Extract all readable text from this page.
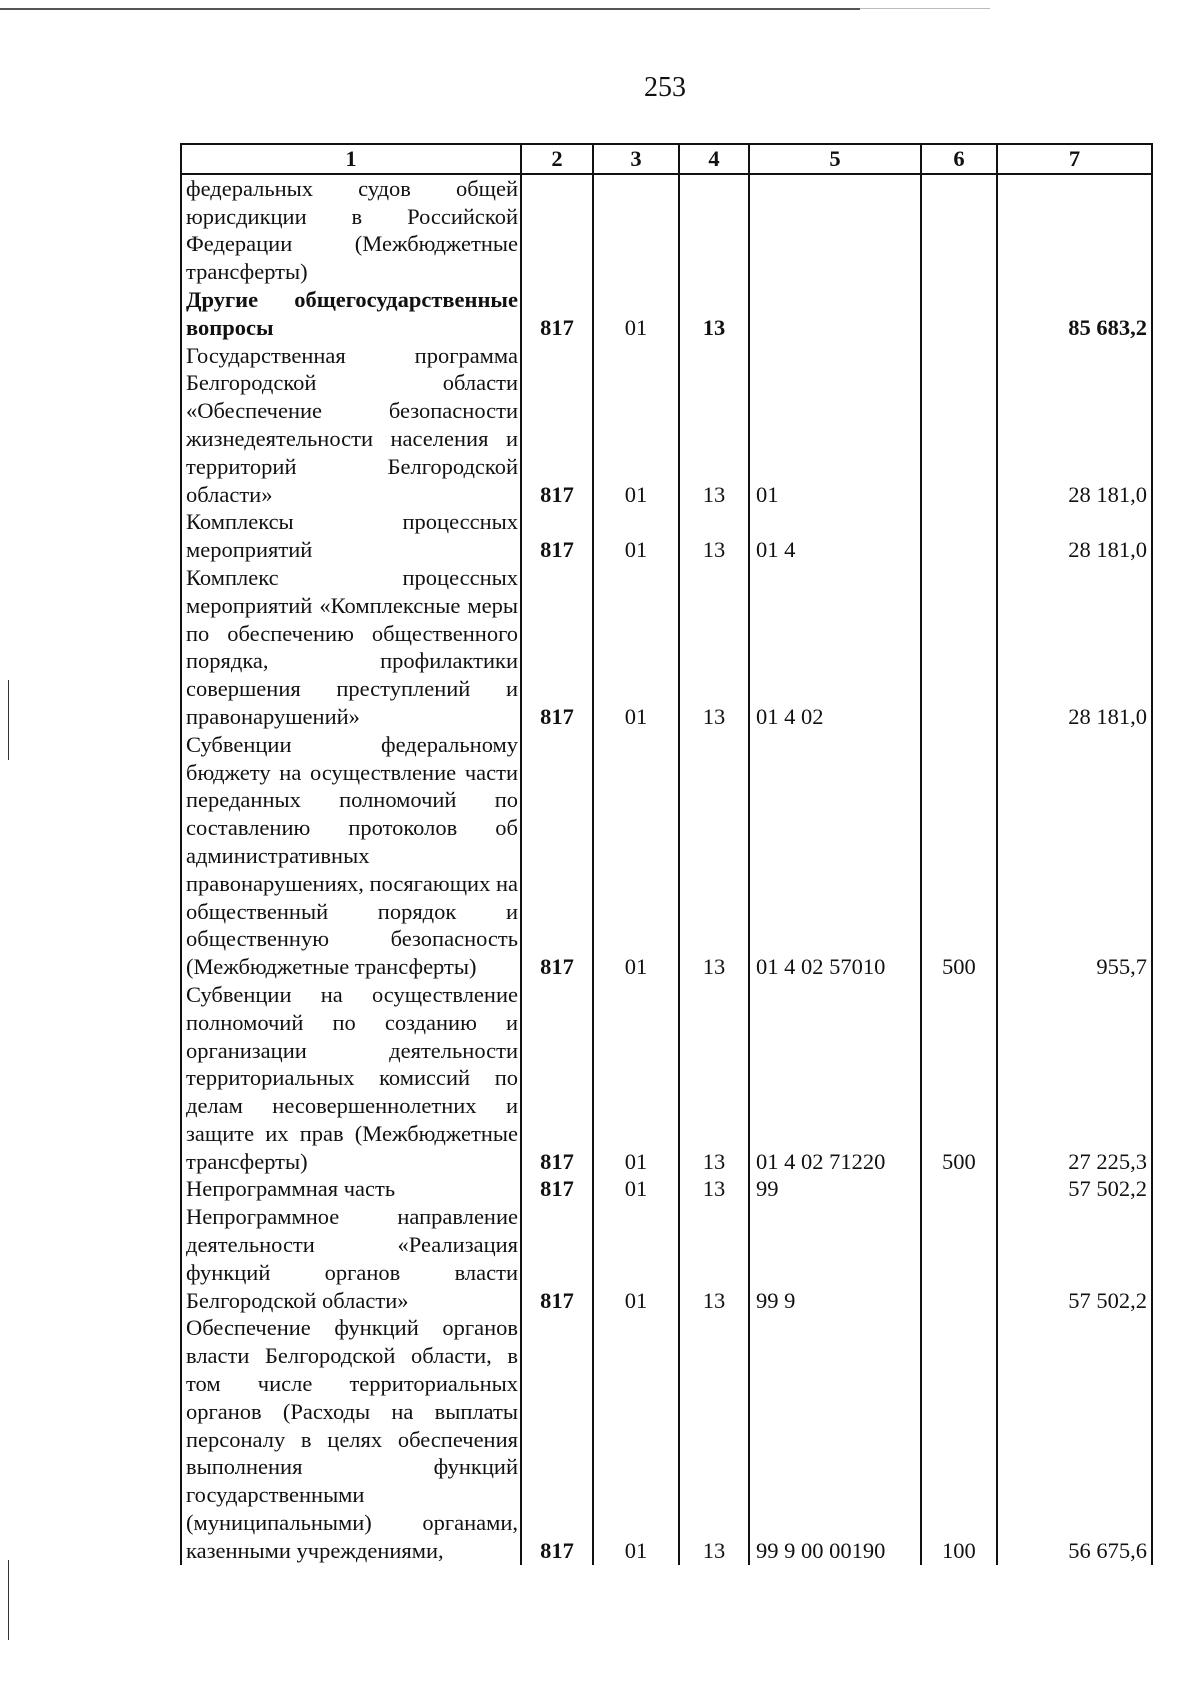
253
1	2	3	4	5	6	7
федеральных судов общей юрисдикции в Российской Федерации (Межбюджетные трансферты)						
Другие общегосударственные вопросы	817	01	13			85 683,2
Государственная программа Белгородской области «Обеспечение безопасности жизнедеятельности населения и территорий Белгородской области»	817	01	13	01		28 181,0
Комплексы процессных мероприятий	817	01	13	01 4		28 181,0
Комплекс процессных мероприятий «Комплексные меры по обеспечению общественного порядка, профилактики совершения преступлений и правонарушений»	817	01	13	01 4 02		28 181,0
Субвенции федеральному бюджету на осуществление части переданных полномочий по составлению протоколов об административных правонарушениях, посягающих на общественный порядок и общественную безопасность (Межбюджетные трансферты)	817	01	13	01 4 02 57010	500	955,7
Субвенции на осуществление полномочий по созданию и организации деятельности территориальных комиссий по делам несовершеннолетних и защите их прав (Межбюджетные трансферты)	817	01	13	01 4 02 71220	500	27 225,3
Непрограммная часть	817	01	13	99		57 502,2
Непрограммное направление деятельности «Реализация функций органов власти Белгородской области»	817	01	13	99 9		57 502,2
Обеспечение функций органов власти Белгородской области, в том числе территориальных органов (Расходы на выплаты персоналу в целях обеспечения выполнения функций государственными (муниципальными) органами, казенными учреждениями,	817	01	13	99 9 00 00190	100	56 675,6
